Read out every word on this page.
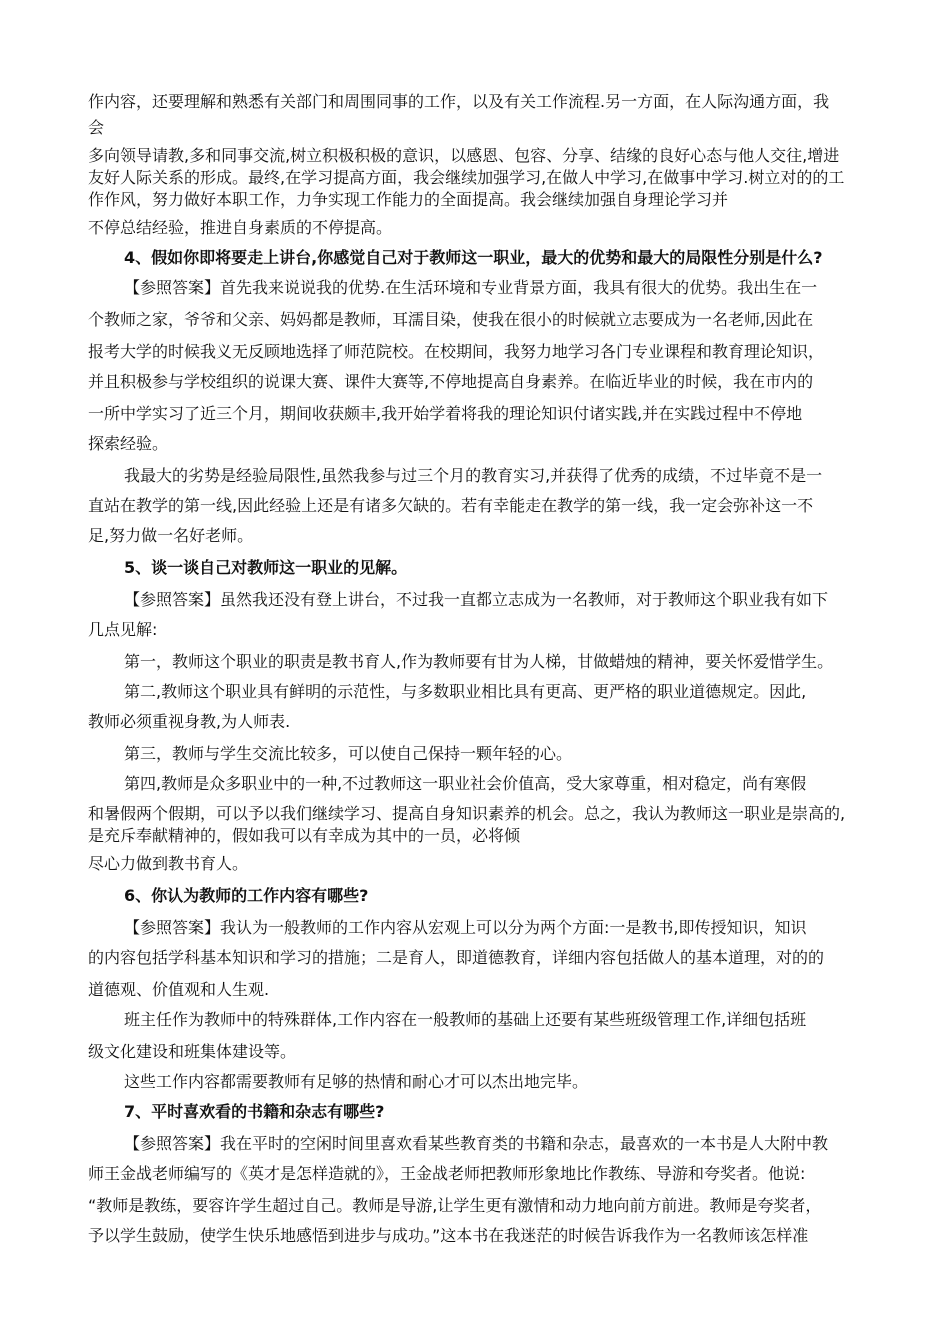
作内容，还要理解和熟悉有关部门和周围同事的工作，以及有关工作流程.另一方面，在人际沟通方面，我
会
多向领导请教,多和同事交流,树立积极积极的意识，以感恩、包容、分享、结缘的良好心态与他人交往,增进
友好人际关系的形成。最终,在学习提高方面，我会继续加强学习,在做人中学习,在做事中学习.树立对的的工
作作风，努力做好本职工作，力争实现工作能力的全面提高。我会继续加强自身理论学习并
不停总结经验，推进自身素质的不停提高。
4、假如你即将要走上讲台,你感觉自己对于教师这一职业，最大的优势和最大的局限性分别是什么?
【参照答案】首先我来说说我的优势.在生活环境和专业背景方面，我具有很大的优势。我出生在一
个教师之家，爷爷和父亲、妈妈都是教师，耳濡目染，使我在很小的时候就立志要成为一名老师,因此在
报考大学的时候我义无反顾地选择了师范院校。在校期间，我努力地学习各门专业课程和教育理论知识，
并且积极参与学校组织的说课大赛、课件大赛等,不停地提高自身素养。在临近毕业的时候，我在市内的
一所中学实习了近三个月，期间收获颇丰,我开始学着将我的理论知识付诸实践,并在实践过程中不停地
探索经验。
我最大的劣势是经验局限性,虽然我参与过三个月的教育实习,并获得了优秀的成绩，不过毕竟不是一
直站在教学的第一线,因此经验上还是有诸多欠缺的。若有幸能走在教学的第一线，我一定会弥补这一不
足,努力做一名好老师。
5、谈一谈自己对教师这一职业的见解。
【参照答案】虽然我还没有登上讲台，不过我一直都立志成为一名教师，对于教师这个职业我有如下
几点见解:
第一，教师这个职业的职责是教书育人,作为教师要有甘为人梯，甘做蜡烛的精神，要关怀爱惜学生。
第二,教师这个职业具有鲜明的示范性，与多数职业相比具有更高、更严格的职业道德规定。因此,
教师必须重视身教,为人师表.
第三，教师与学生交流比较多，可以使自己保持一颗年轻的心。
第四,教师是众多职业中的一种,不过教师这一职业社会价值高，受大家尊重，相对稳定，尚有寒假
和暑假两个假期，可以予以我们继续学习、提高自身知识素养的机会。总之，我认为教师这一职业是崇高的,
是充斥奉献精神的，假如我可以有幸成为其中的一员，必将倾
尽心力做到教书育人。
6、你认为教师的工作内容有哪些?
【参照答案】我认为一般教师的工作内容从宏观上可以分为两个方面:一是教书,即传授知识，知识
的内容包括学科基本知识和学习的措施；二是育人，即道德教育，详细内容包括做人的基本道理，对的的
道德观、价值观和人生观.
班主任作为教师中的特殊群体,工作内容在一般教师的基础上还要有某些班级管理工作,详细包括班
级文化建设和班集体建设等。
这些工作内容都需要教师有足够的热情和耐心才可以杰出地完毕。
7、平时喜欢看的书籍和杂志有哪些?
【参照答案】我在平时的空闲时间里喜欢看某些教育类的书籍和杂志，最喜欢的一本书是人大附中教
师王金战老师编写的《英才是怎样造就的》，王金战老师把教师形象地比作教练、导游和夸奖者。他说:
“教师是教练，要容许学生超过自己。教师是导游,让学生更有激情和动力地向前方前进。教师是夸奖者，
予以学生鼓励，使学生快乐地感悟到进步与成功。”这本书在我迷茫的时候告诉我作为一名教师该怎样准
